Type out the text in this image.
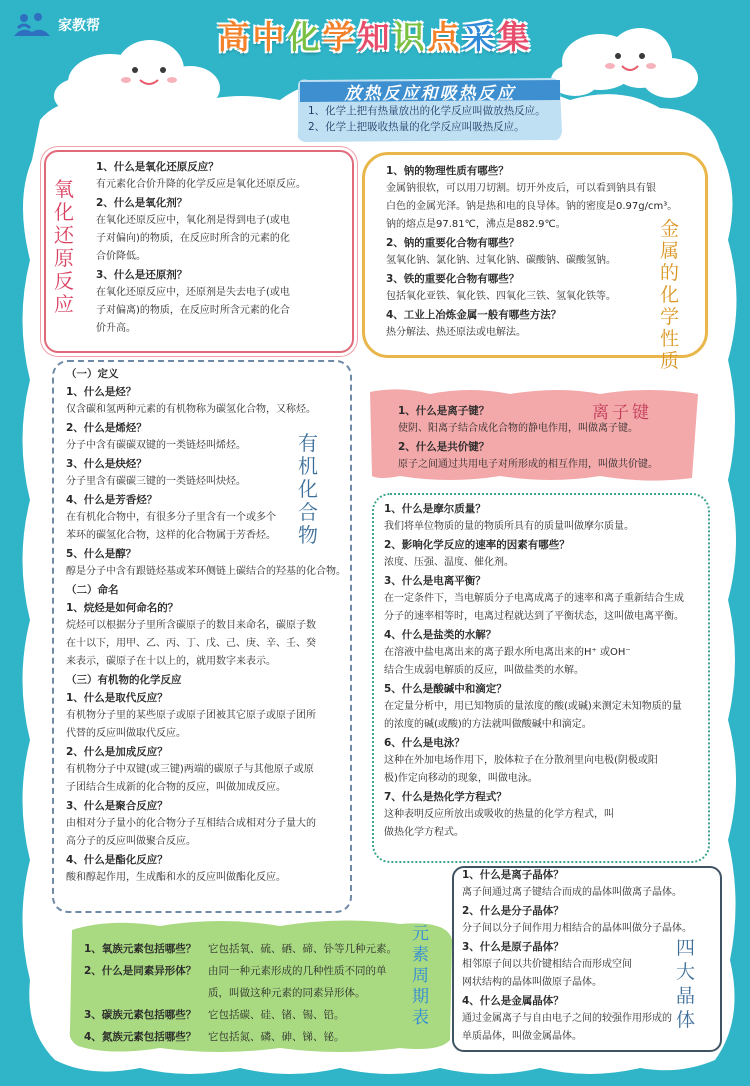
家教帮	高中化学知识点采集
放热反应和吸热反应
1、化学上把有热量放出的化学反应叫做放热反应。
2、化学上把吸收热量的化学反应叫吸热反应。
氧
化
还
原
反
应
1、什么是氧化还原反应？
有元素化合价升降的化学反应是氧化还原反应。
2、什么是氧化剂？
在氧化还原反应中，氧化剂是得到电子(或电
子对偏向)的物质，在反应时所含的元素的化
合价降低。
3、什么是还原剂？
在氧化还原反应中，还原剂是失去电子(或电
子对偏离)的物质，在反应时所含元素的化合
价升高。
1、钠的物理性质有哪些？
金属钠很软，可以用刀切割。切开外皮后，可以看到钠具有银
白色的金属光泽。钠是热和电的良导体。钠的密度是0.97g/cm³。
钠的熔点是97.81℃，沸点是882.9℃。
2、钠的重要化合物有哪些？
氢氧化钠、氯化钠、过氧化钠、碳酸钠、碳酸氢钠。
3、铁的重要化合物有哪些？
包括氧化亚铁、氧化铁、四氧化三铁、氢氧化铁等。
4、工业上冶炼金属一般有哪些方法？
热分解法、热还原法或电解法。
金
属
的
化
学
性
质
（一）定义
1、什么是烃？
仅含碳和氢两种元素的有机物称为碳氢化合物，又称烃。
2、什么是烯烃？
分子中含有碳碳双键的一类链烃叫烯烃。
3、什么是炔烃？
分子里含有碳碳三键的一类链烃叫炔烃。
4、什么是芳香烃？
在有机化合物中，有很多分子里含有一个或多个
苯环的碳氢化合物，这样的化合物属于芳香烃。
5、什么是醇？
醇是分子中含有跟链烃基或苯环侧链上碳结合的羟基的化合物。
（二）命名
1、烷烃是如何命名的？
烷烃可以根据分子里所含碳原子的数目来命名，碳原子数
在十以下，用甲、乙、丙、丁、戊、己、庚、辛、壬、癸
来表示，碳原子在十以上的，就用数字来表示。
（三）有机物的化学反应
1、什么是取代反应？
有机物分子里的某些原子或原子团被其它原子或原子团所
代替的反应叫做取代反应。
2、什么是加成反应？
有机物分子中双键(或三键)两端的碳原子与其他原子或原
子团结合生成新的化合物的反应，叫做加成反应。
3、什么是聚合反应？
由相对分子量小的化合物分子互相结合成相对分子量大的
高分子的反应叫做聚合反应。
4、什么是酯化反应？
酸和醇起作用，生成酯和水的反应叫做酯化反应。
有
机
化
合
物
离子键
1、什么是离子键？
使阴、阳离子结合成化合物的静电作用，叫做离子键。
2、什么是共价键？
原子之间通过共用电子对所形成的相互作用，叫做共价键。
1、什么是摩尔质量？
我们将单位物质的量的物质所具有的质量叫做摩尔质量。
2、影响化学反应的速率的因素有哪些？
浓度、压强、温度、催化剂。
3、什么是电离平衡？
在一定条件下，当电解质分子电离成离子的速率和离子重新结合生成
分子的速率相等时，电离过程就达到了平衡状态，这叫做电离平衡。
4、什么是盐类的水解？
在溶液中盐电离出来的离子跟水所电离出来的H⁺ 或OH⁻
结合生成弱电解质的反应，叫做盐类的水解。
5、什么是酸碱中和滴定？
在定量分析中，用已知物质的量浓度的酸(或碱)来测定未知物质的量
的浓度的碱(或酸)的方法就叫做酸碱中和滴定。
6、什么是电泳？
这种在外加电场作用下，胶体粒子在分散剂里向电极(阴极或阳
极)作定向移动的现象，叫做电泳。
7、什么是热化学方程式？
这种表明反应所放出或吸收的热量的化学方程式，叫
做热化学方程式。
1、什么是离子晶体？
离子间通过离子键结合而成的晶体叫做离子晶体。
2、什么是分子晶体？
分子间以分子间作用力相结合的晶体叫做分子晶体。
3、什么是原子晶体？
相邻原子间以共价键相结合而形成空间
网状结构的晶体叫做原子晶体。
4、什么是金属晶体？
通过金属离子与自由电子之间的较强作用形成的
单质晶体，叫做金属晶体。
四
大
晶
体
1、氧族元素包括哪些？ 它包括氧、硫、硒、碲、钋等几种元素。
2、什么是同素异形体？ 由同一种元素形成的几种性质不同的单
质，叫做这种元素的同素异形体。
3、碳族元素包括哪些？ 它包括碳、硅、锗、锡、铅。
4、氮族元素包括哪些？ 它包括氮、磷、砷、锑、铋。
元
素
周
期
表
